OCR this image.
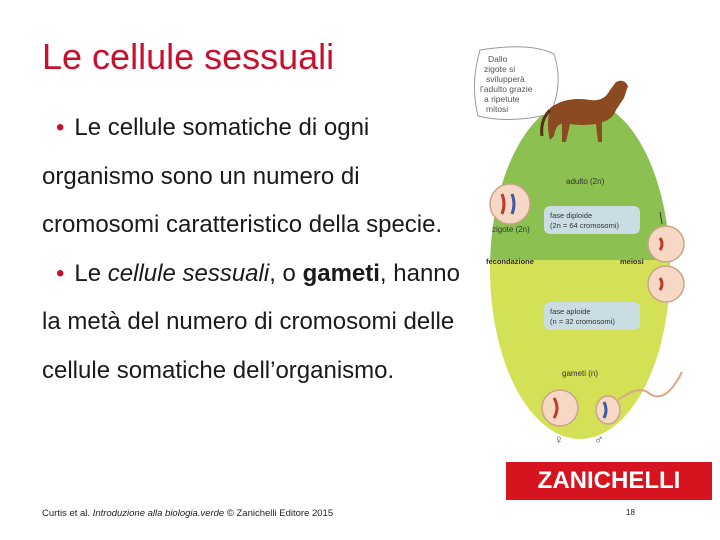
Le cellule sessuali
• Le cellule somatiche di ogni organismo sono un numero di cromosomi caratteristico della specie.
• Le cellule sessuali, o gameti, hanno la metà del numero di cromosomi delle cellule somatiche dell’organismo.
Dallo zigote si svilupperà l’adulto grazie a ripetute mitosi
adulto (2n)
fase diploide (2n = 64 cromosomi)
zigote (2n)
fecondazione	meiosi
fase aploide (n = 32 cromosomi)
gameti (n)
♀ ♂
ZANICHELLI
Curtis et al. Introduzione alla biologia.verde © Zanichelli Editore 2015	18
